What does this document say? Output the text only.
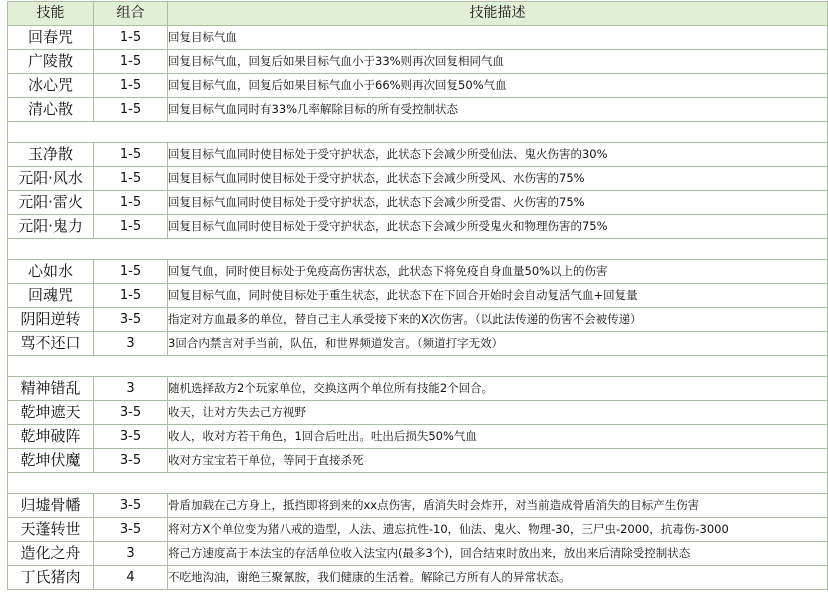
技能	组合	技能描述
回春咒	1-5	回复目标气血
广陵散	1-5	回复目标气血，回复后如果目标气血小于33%则再次回复相同气血
冰心咒	1-5	回复目标气血，回复后如果目标气血小于66%则再次回复50%气血
清心散	1-5	回复目标气血同时有33%几率解除目标的所有受控制状态

玉净散	1-5	回复目标气血同时使目标处于受守护状态，此状态下会减少所受仙法、鬼火伤害的30%
元阳·风水	1-5	回复目标气血同时使目标处于受守护状态，此状态下会减少所受风、水伤害的75%
元阳·雷火	1-5	回复目标气血同时使目标处于受守护状态，此状态下会减少所受雷、火伤害的75%
元阳·鬼力	1-5	回复目标气血同时使目标处于受守护状态，此状态下会减少所受鬼火和物理伤害的75%

心如水	1-5	回复气血，同时使目标处于免疫高伤害状态，此状态下将免疫自身血量50%以上的伤害
回魂咒	1-5	回复目标气血，同时使目标处于重生状态，此状态下在下回合开始时会自动复活气血+回复量
阴阳逆转	3-5	指定对方血最多的单位，替自己主人承受接下来的X次伤害。（以此法传递的伤害不会被传递）
骂不还口	3	3回合内禁言对手当前，队伍，和世界频道发言。（频道打字无效）

精神错乱	3	随机选择敌方2个玩家单位，交换这两个单位所有技能2个回合。
乾坤遮天	3-5	收天，让对方失去己方视野
乾坤破阵	3-5	收人，收对方若干角色，1回合后吐出。吐出后损失50%气血
乾坤伏魔	3-5	收对方宝宝若干单位，等同于直接杀死

归墟骨幡	3-5	骨盾加载在己方身上，抵挡即将到来的xx点伤害，盾消失时会炸开，对当前造成骨盾消失的目标产生伤害
天蓬转世	3-5	将对方X个单位变为猪八戒的造型，人法、遗忘抗性-10，仙法、鬼火、物理-30，三尸虫-2000，抗毒伤-3000
造化之舟	3	将己方速度高于本法宝的存活单位收入法宝内(最多3个)，回合结束时放出来，放出来后清除受控制状态
丁氏猪肉	4	不吃地沟油，谢绝三聚氰胺，我们健康的生活着。解除己方所有人的异常状态。
